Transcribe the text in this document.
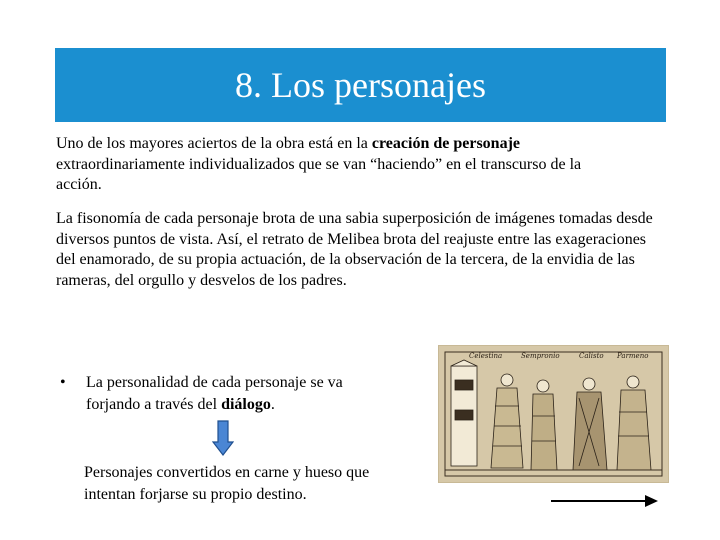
8. Los personajes

Uno de los mayores aciertos de la obra está en la creación de personaje extraordinariamente individualizados que se van “haciendo” en el transcurso de la acción.

La fisonomía de cada personaje brota de una sabia superposición de imágenes tomadas desde diversos puntos de vista. Así, el retrato de Melibea brota del reajuste entre las exageraciones del enamorado, de su propia actuación, de la observación de la tercera, de la envidia de las rameras, del orgullo y desvelos de los padres.

• La personalidad de cada personaje se va forjando a través del diálogo.
Personajes convertidos en carne y hueso que intentan forjarse su propio destino.
Celestina	Sempronio	Calisto Parmeno
